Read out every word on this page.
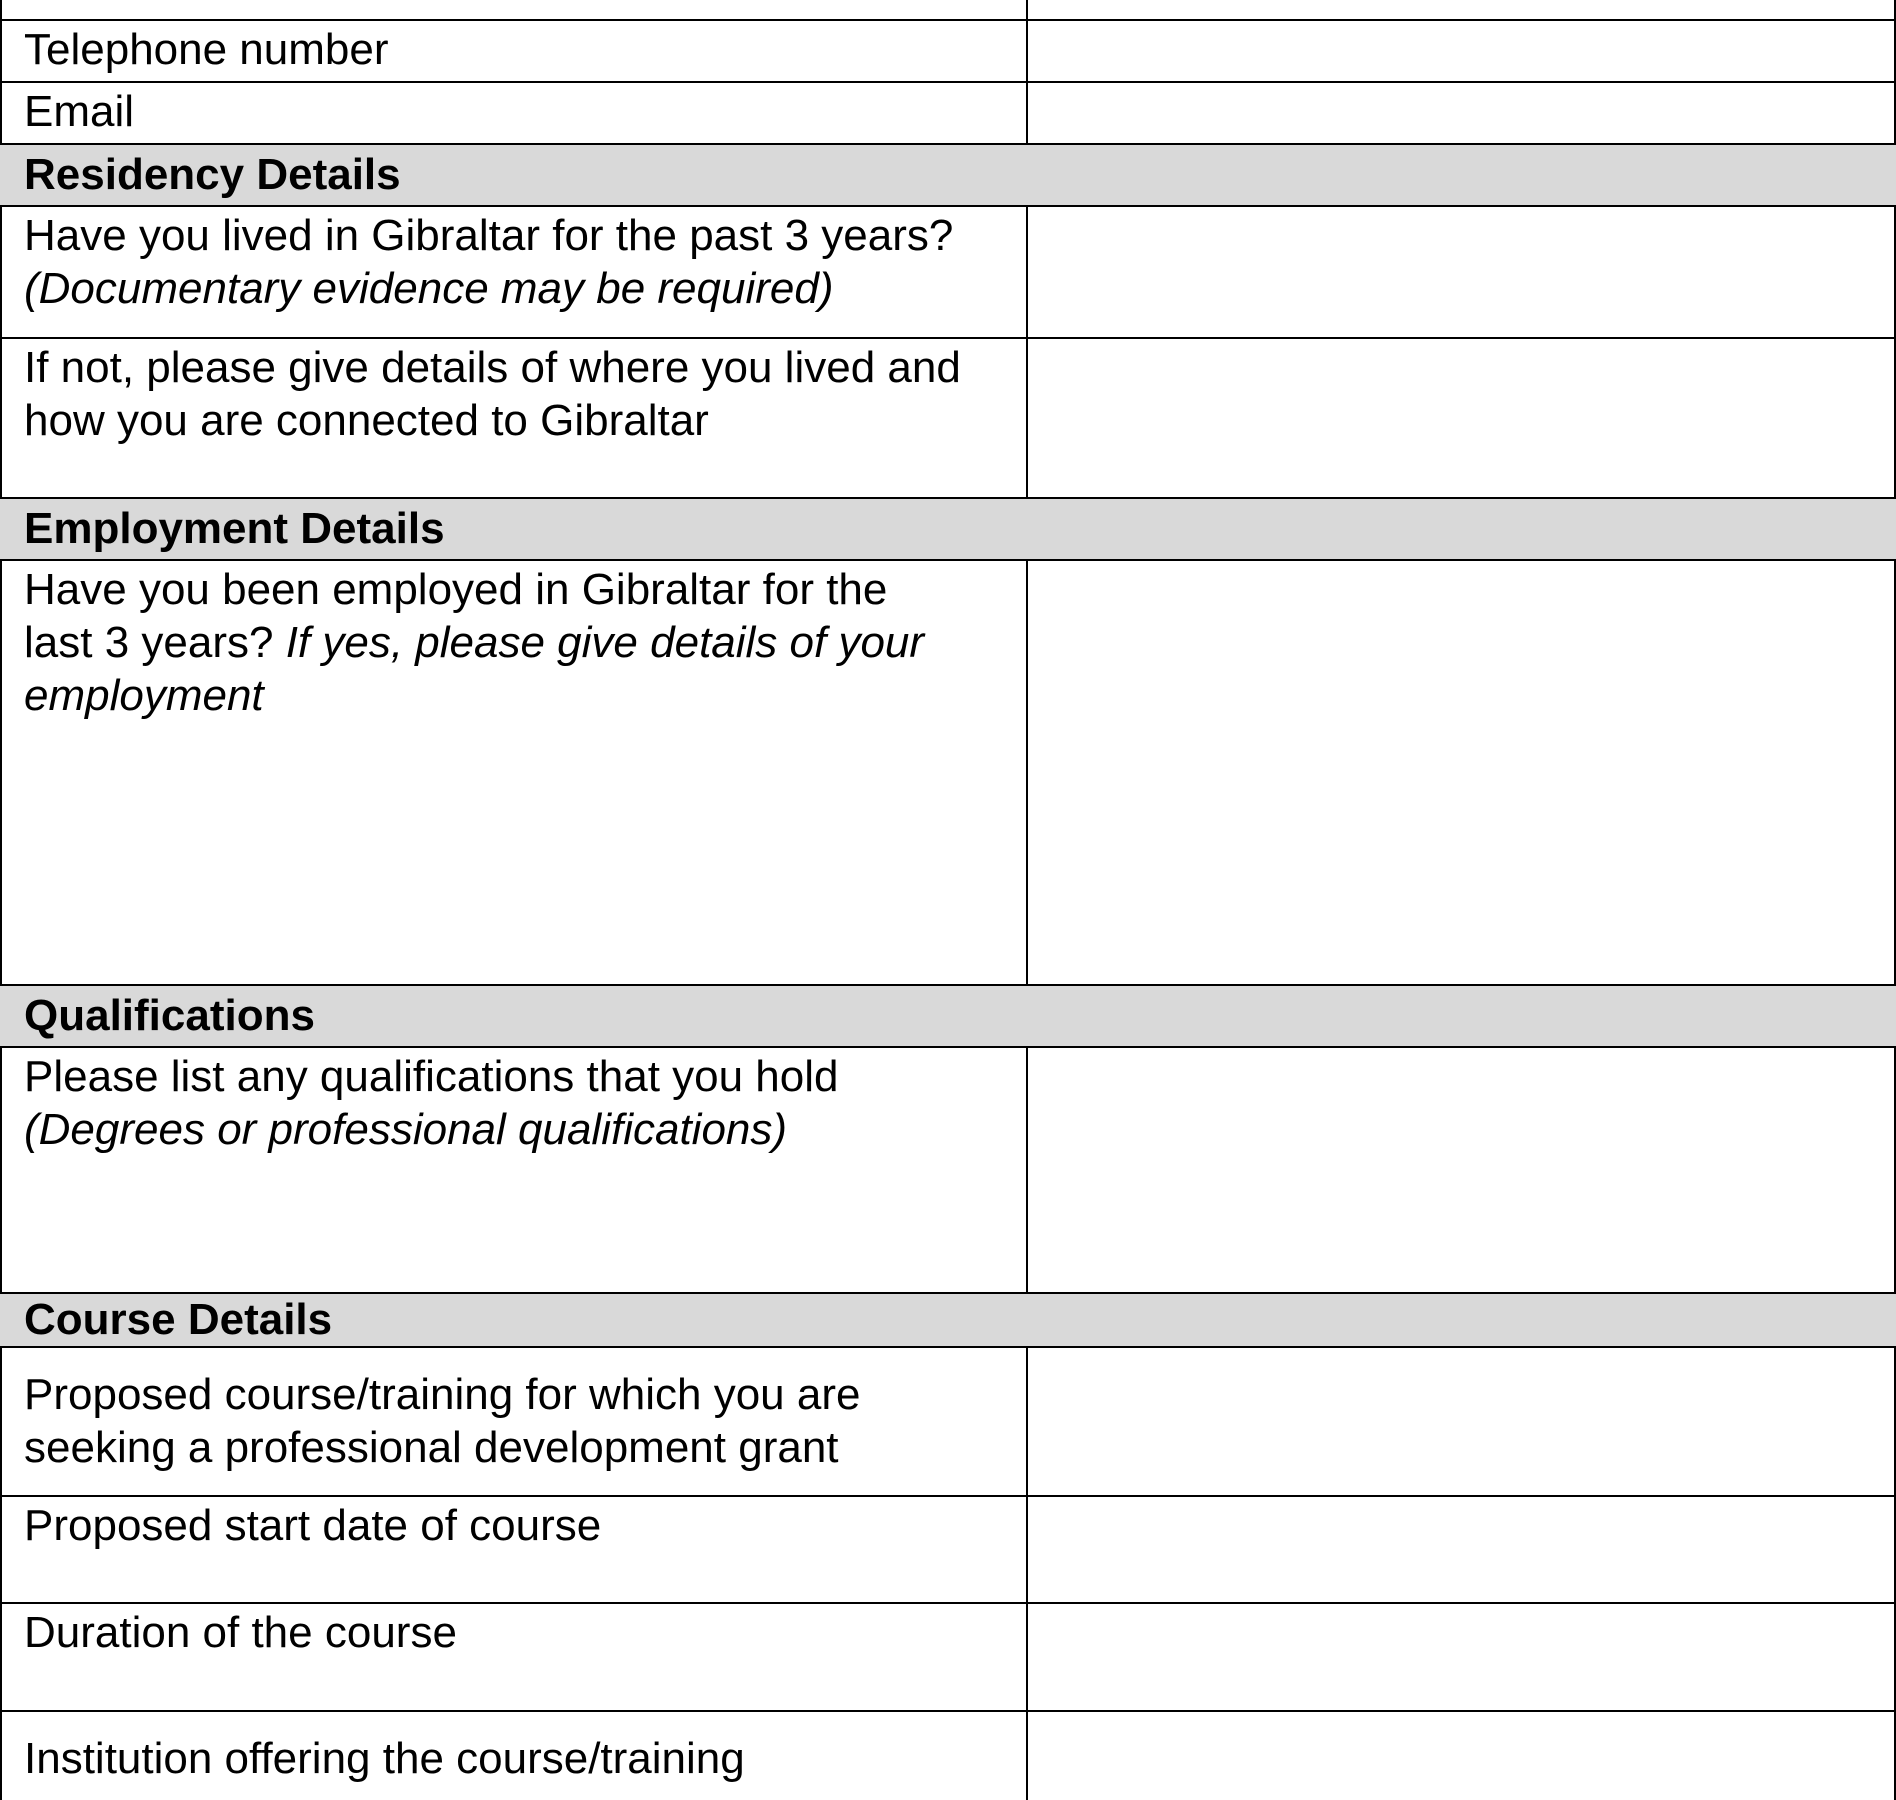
Telephone number
Email
Residency Details
Have you lived in Gibraltar for the past 3 years?
(Documentary evidence may be required)
If not, please give details of where you lived and
how you are connected to Gibraltar
Employment Details
Have you been employed in Gibraltar for the
last 3 years? If yes, please give details of your
employment
Qualifications
Please list any qualifications that you hold
(Degrees or professional qualifications)
Course Details
Proposed course/training for which you are
seeking a professional development grant
Proposed start date of course
Duration of the course
Institution offering the course/training
